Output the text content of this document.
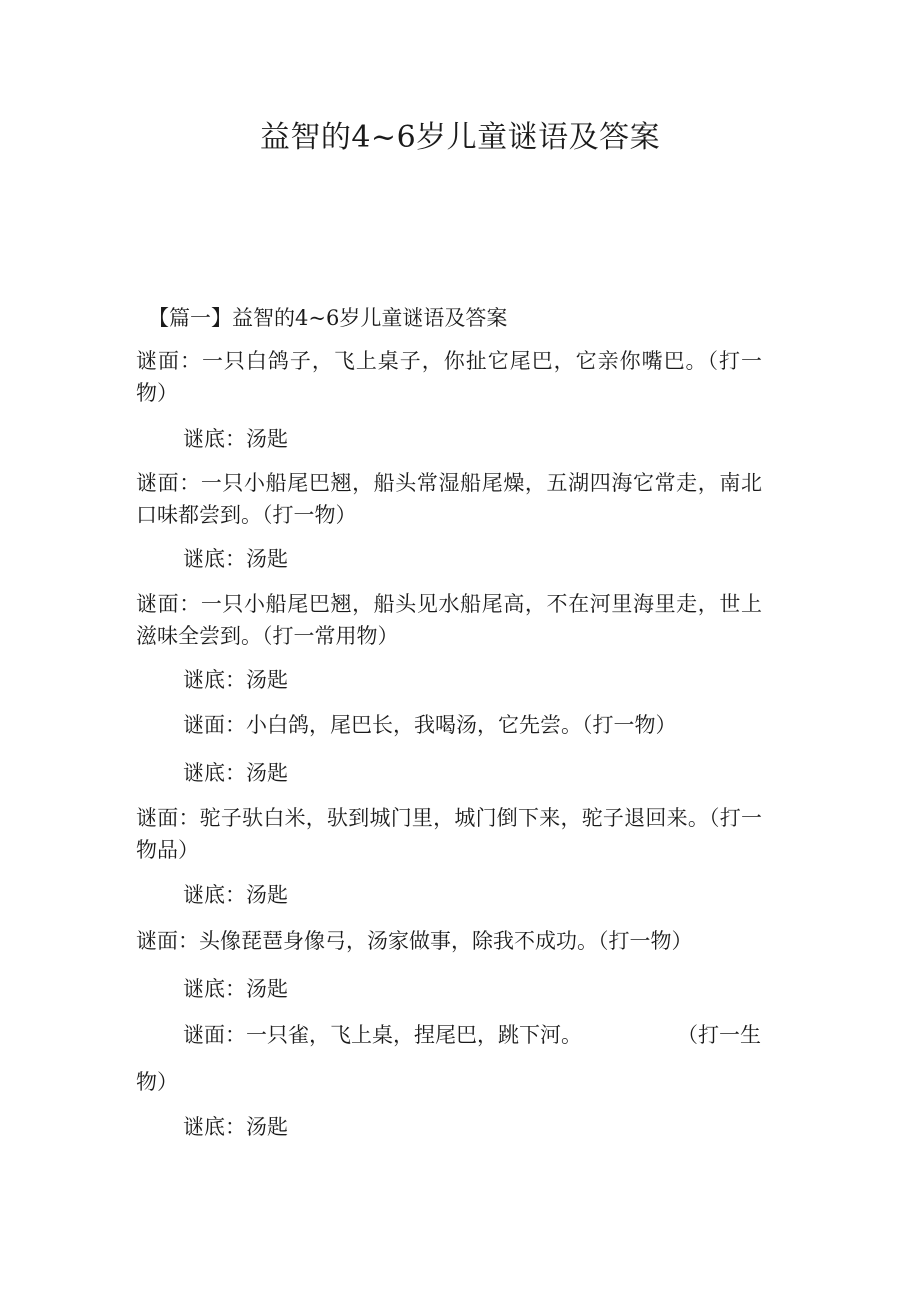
益智的4~6岁儿童谜语及答案
【篇一】益智的4~6岁儿童谜语及答案
谜面：一只白鸽子，飞上桌子，你扯它尾巴，它亲你嘴巴。（打一物）
谜底：汤匙
谜面：一只小船尾巴翘，船头常湿船尾燥，五湖四海它常走，南北口味都尝到。（打一物）
谜底：汤匙
谜面：一只小船尾巴翘，船头见水船尾高，不在河里海里走，世上滋味全尝到。（打一常用物）
谜底：汤匙
谜面：小白鸽，尾巴长，我喝汤，它先尝。（打一物）
谜底：汤匙
谜面：驼子驮白米，驮到城门里，城门倒下来，驼子退回来。（打一物品）
谜底：汤匙
谜面：头像琵琶身像弓，汤家做事，除我不成功。（打一物）
谜底：汤匙
谜面：一只雀，飞上桌，捏尾巴，跳下河。	（打一生
物）
谜底：汤匙
